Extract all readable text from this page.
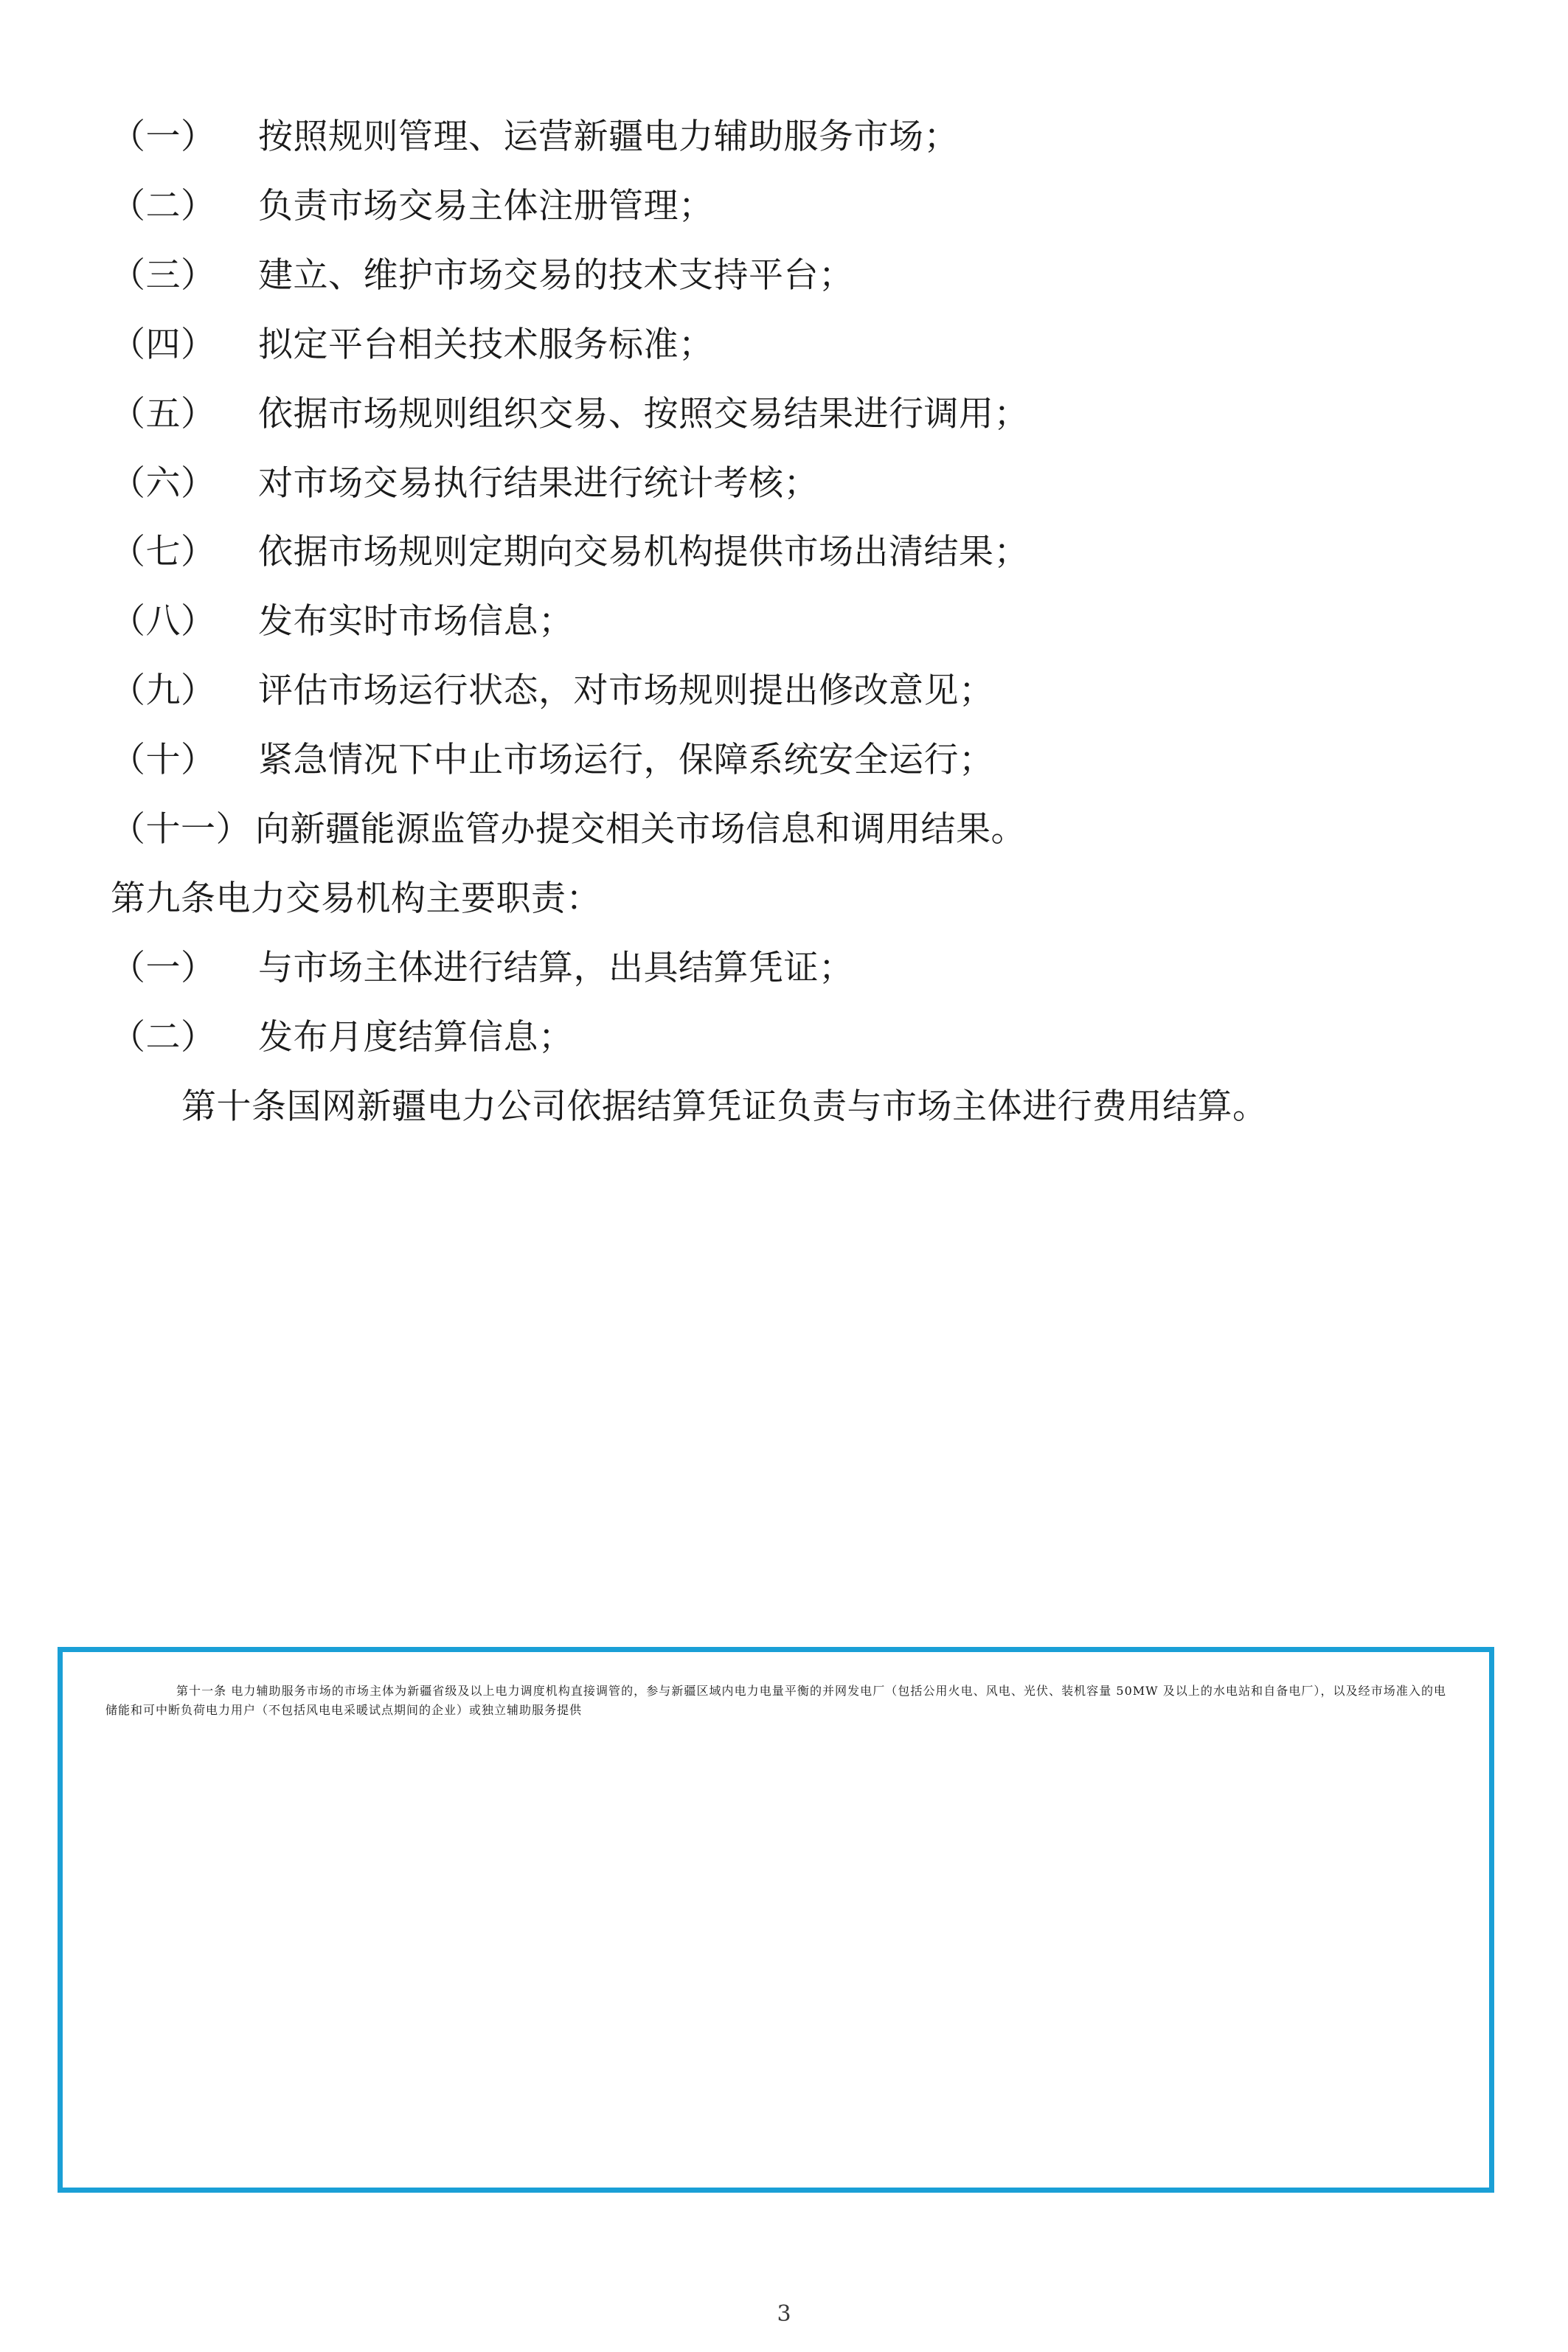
（一）	按照规则管理、运营新疆电力辅助服务市场；
（二）	负责市场交易主体注册管理；
（三）	建立、维护市场交易的技术支持平台；
（四）	拟定平台相关技术服务标准；
（五）	依据市场规则组织交易、按照交易结果进行调用；
（六）	对市场交易执行结果进行统计考核；
（七）	依据市场规则定期向交易机构提供市场出清结果；
（八）	发布实时市场信息；
（九）	评估市场运行状态，对市场规则提出修改意见；
（十）	紧急情况下中止市场运行，保障系统安全运行；
（十一） 向新疆能源监管办提交相关市场信息和调用结果。
第九条电力交易机构主要职责：
（一）	与市场主体进行结算，出具结算凭证；
（二）	发布月度结算信息；
第十条国网新疆电力公司依据结算凭证负责与市场主体进行费用结算。
第十一条 电力辅助服务市场的市场主体为新疆省级及以上电力调度机构直接调管的，参与新疆区域内电力电量平衡的并网发电厂（包括公用火电、风电、光伏、装机容量 50MW 及以上的水电站和自备电厂），以及经市场准入的电储能和可中断负荷电力用户（不包括风电电采暖试点期间的企业）或独立辅助服务提供
3
